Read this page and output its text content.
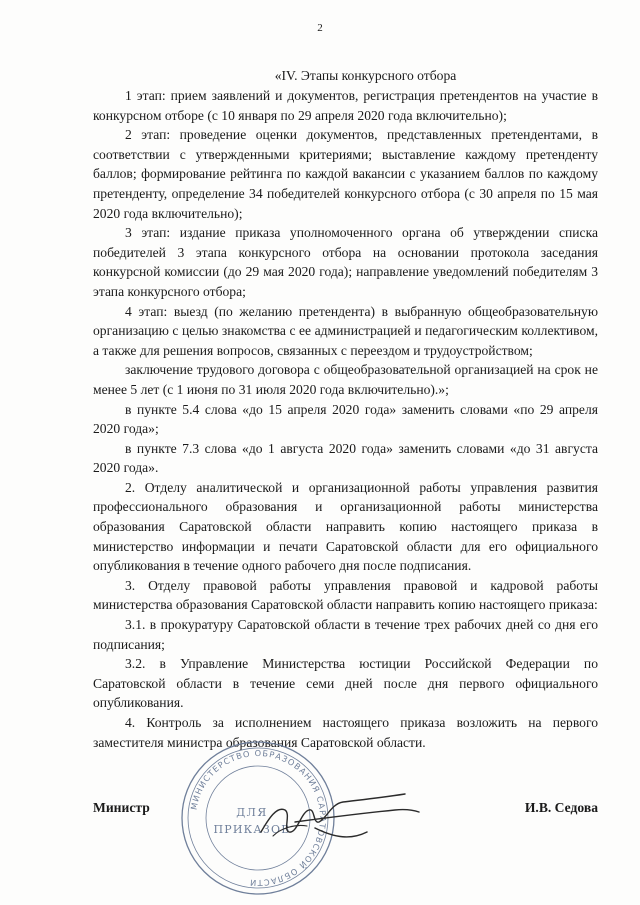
2
«IV. Этапы конкурсного отбора

1 этап: прием заявлений и документов, регистрация претендентов на участие в конкурсном отборе (с 10 января по 29 апреля 2020 года включительно);

2 этап: проведение оценки документов, представленных претендентами, в соответствии с утвержденными критериями; выставление каждому претенденту баллов; формирование рейтинга по каждой вакансии с указанием баллов по каждому претенденту, определение 34 победителей конкурсного отбора (с 30 апреля по 15 мая 2020 года включительно);

3 этап: издание приказа уполномоченного органа об утверждении списка победителей 3 этапа конкурсного отбора на основании протокола заседания конкурсной комиссии (до 29 мая 2020 года); направление уведомлений победителям 3 этапа конкурсного отбора;

4 этап: выезд (по желанию претендента) в выбранную общеобразовательную организацию с целью знакомства с ее администрацией и педагогическим коллективом, а также для решения вопросов, связанных с переездом и трудоустройством;

заключение трудового договора с общеобразовательной организацией на срок не менее 5 лет (с 1 июня по 31 июля 2020 года включительно).»;

в пункте 5.4 слова «до 15 апреля 2020 года» заменить словами «по 29 апреля 2020 года»;

в пункте 7.3 слова «до 1 августа 2020 года» заменить словами «до 31 августа 2020 года».

2. Отделу аналитической и организационной работы управления развития профессионального образования и организационной работы министерства образования Саратовской области направить копию настоящего приказа в министерство информации и печати Саратовской области для его официального опубликования в течение одного рабочего дня после подписания.

3. Отделу правовой работы управления правовой и кадровой работы министерства образования Саратовской области направить копию настоящего приказа:

3.1. в прокуратуру Саратовской области в течение трех рабочих дней со дня его подписания;

3.2. в Управление Министерства юстиции Российской Федерации по Саратовской области в течение семи дней после дня первого официального опубликования.

4. Контроль за исполнением настоящего приказа возложить на первого заместителя министра образования Саратовской области.

МИНИСТЕРСТВО ОБРАЗОВАНИЯ САРАТОВСКОЙ ОБЛАСТИ
ДЛЯ
ПРИКАЗОВ
Министр	И.В. Седова
